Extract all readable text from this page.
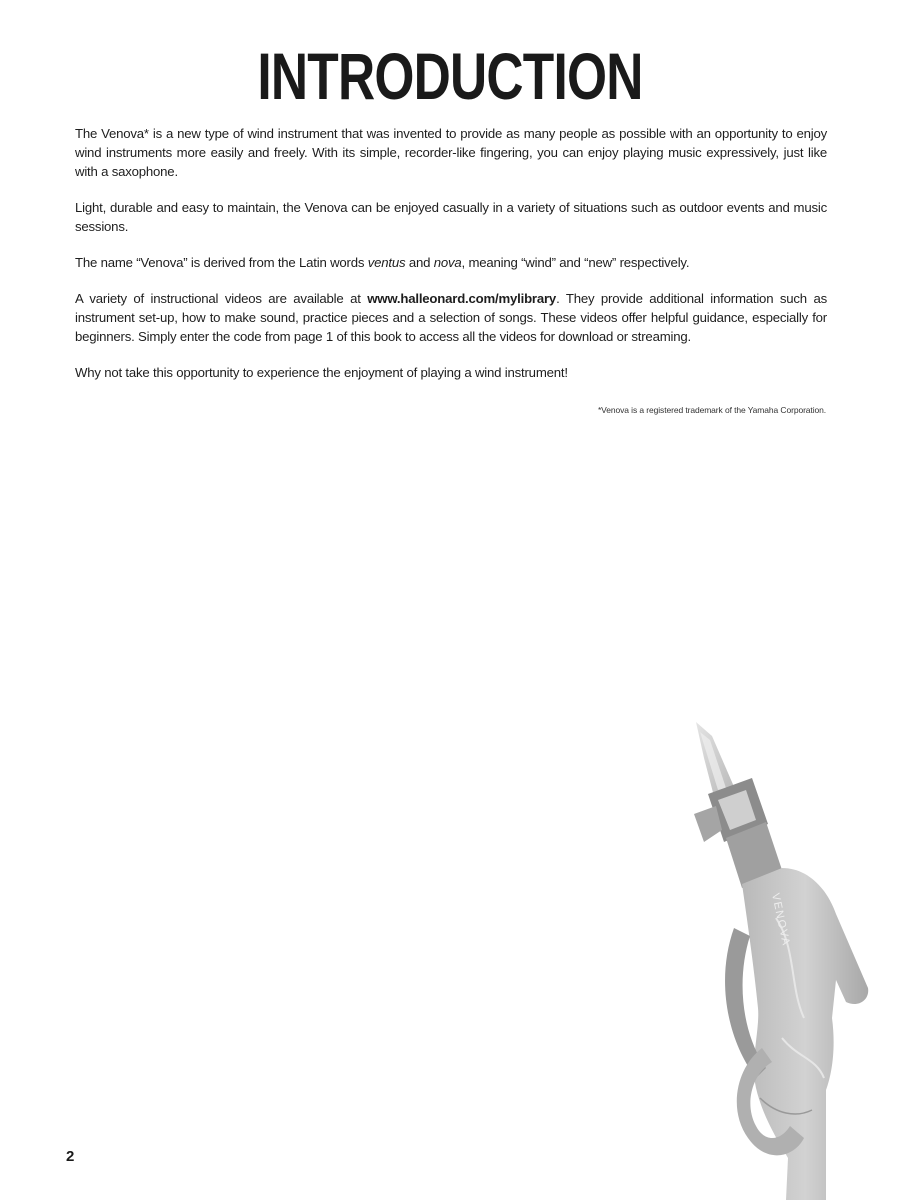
INTRODUCTION

The Venova* is a new type of wind instrument that was invented to provide as many people as possible with an opportunity to enjoy wind instruments more easily and freely. With its simple, recorder-like fingering, you can enjoy playing music expressively, just like with a saxophone.

Light, durable and easy to maintain, the Venova can be enjoyed casually in a variety of situations such as outdoor events and music sessions.

The name “Venova” is derived from the Latin words ventus and nova, meaning “wind” and “new” respectively.

A variety of instructional videos are available at www.halleonard.com/mylibrary. They provide additional information such as instrument set-up, how to make sound, practice pieces and a selection of songs. These videos offer helpful guidance, especially for beginners. Simply enter the code from page 1 of this book to access all the videos for download or streaming.

Why not take this opportunity to experience the enjoyment of playing a wind instrument!

*Venova is a registered trademark of the Yamaha Corporation.
VENOVA
2
